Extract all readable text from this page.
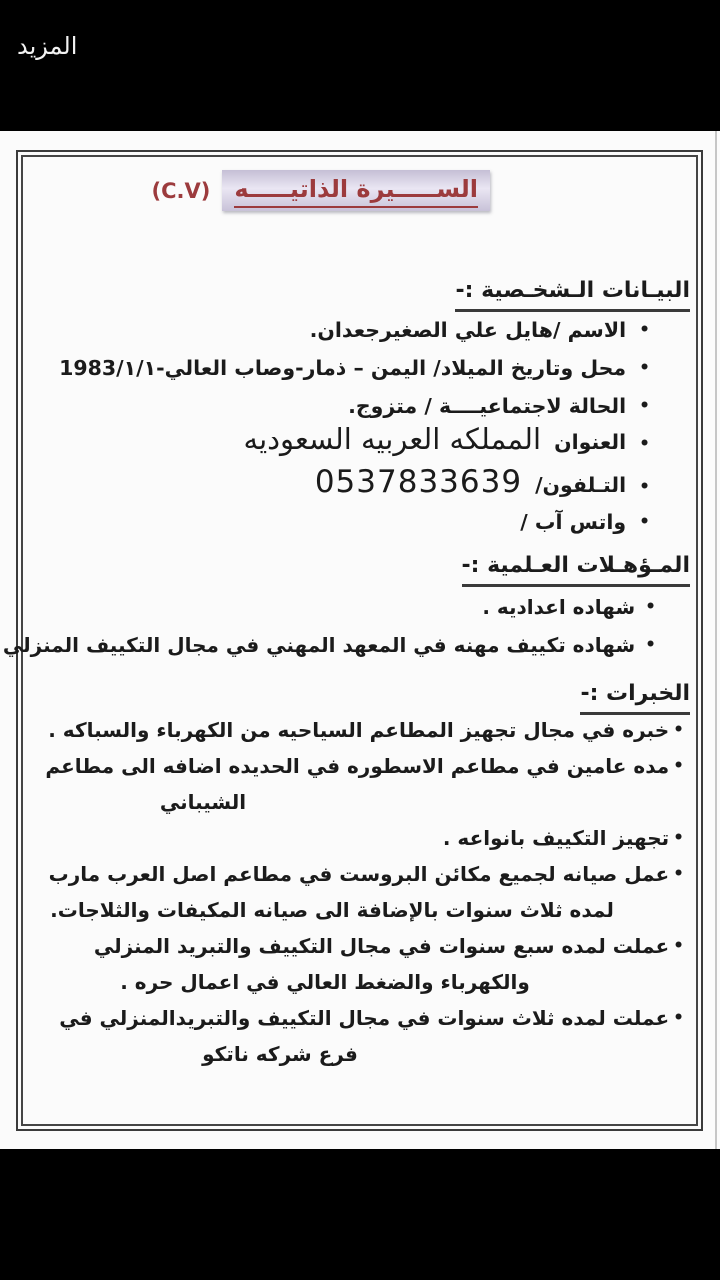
المزيد
الســـــيرة الذاتيـــــه
(C.V)
البيـانات الـشخـصية :-
•
الاسم /هايل علي الصغيرجعدان.
•
محل وتاريخ الميلاد/ اليمن – ذمار-وصاب العالي-1983/١/١
•
الحالة لاجتماعيــــة / متزوج.
•
العنوان
المملكه العربيه السعوديه
•
التـلفون/
0537833639
•
واتس آب /
المـؤهـلات العـلمية :-
•
شهاده اعداديه .
•
شهاده تكييف مهنه في المعهد المهني في مجال التكييف المنزلي
الخبرات :-
•
خبره في مجال تجهيز المطاعم السياحيه من الكهرباء والسباكه .
•
مده عامين في مطاعم الاسطوره في الحديده اضافه الى مطاعم
الشيباني
•
تجهيز التكييف بانواعه .
•
عمل صيانه لجميع مكائن البروست في مطاعم اصل العرب مارب
لمده ثلاث سنوات بالإضافة الى صيانه المكيفات والثلاجات.
•
عملت لمده سبع سنوات في مجال التكييف والتبريد المنزلي
والكهرباء والضغط العالي في اعمال حره .
•
عملت لمده ثلاث سنوات في مجال التكييف والتبريدالمنزلي في
فرع شركه ناتكو
